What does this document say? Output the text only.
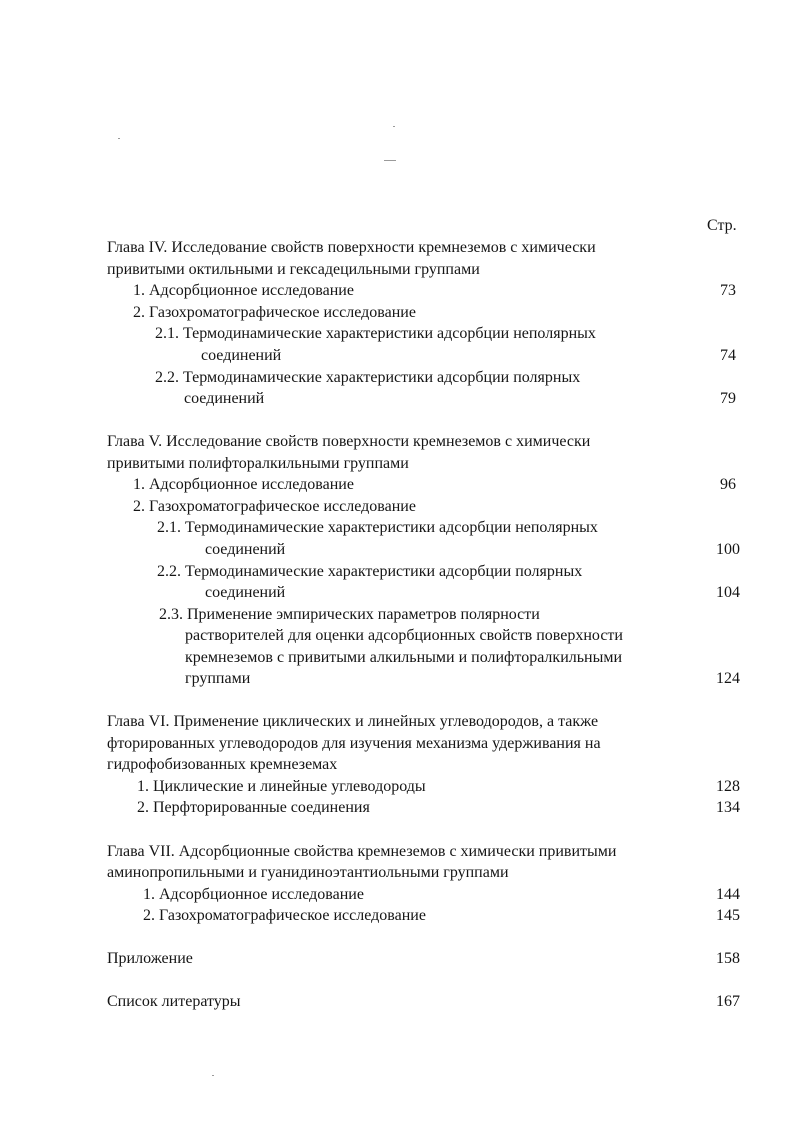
Стр.
Глава IV. Исследование свойств поверхности кремнеземов с химически
привитыми октильными и гексадецильными группами
1. Адсорбционное исследование	73
2. Газохроматографическое исследование
2.1. Термодинамические характеристики адсорбции неполярных
соединений	74
2.2. Термодинамические характеристики адсорбции полярных
соединений	79
Глава V. Исследование свойств поверхности кремнеземов с химически
привитыми полифторалкильными группами
1. Адсорбционное исследование	96
2. Газохроматографическое исследование
2.1. Термодинамические характеристики адсорбции неполярных
соединений	100
2.2. Термодинамические характеристики адсорбции полярных
соединений	104
2.3. Применение эмпирических параметров полярности
растворителей для оценки адсорбционных свойств поверхности
кремнеземов с привитыми алкильными и полифторалкильными
группами	124
Глава VI. Применение циклических и линейных углеводородов, а также
фторированных углеводородов для изучения механизма удерживания на
гидрофобизованных кремнеземах
1. Циклические и линейные углеводороды	128
2. Перфторированные соединения	134
Глава VII. Адсорбционные свойства кремнеземов с химически привитыми
аминопропильными и гуанидиноэтантиольными группами
1. Адсорбционное исследование	144
2. Газохроматографическое исследование	145
Приложение	158
Список литературы	167
